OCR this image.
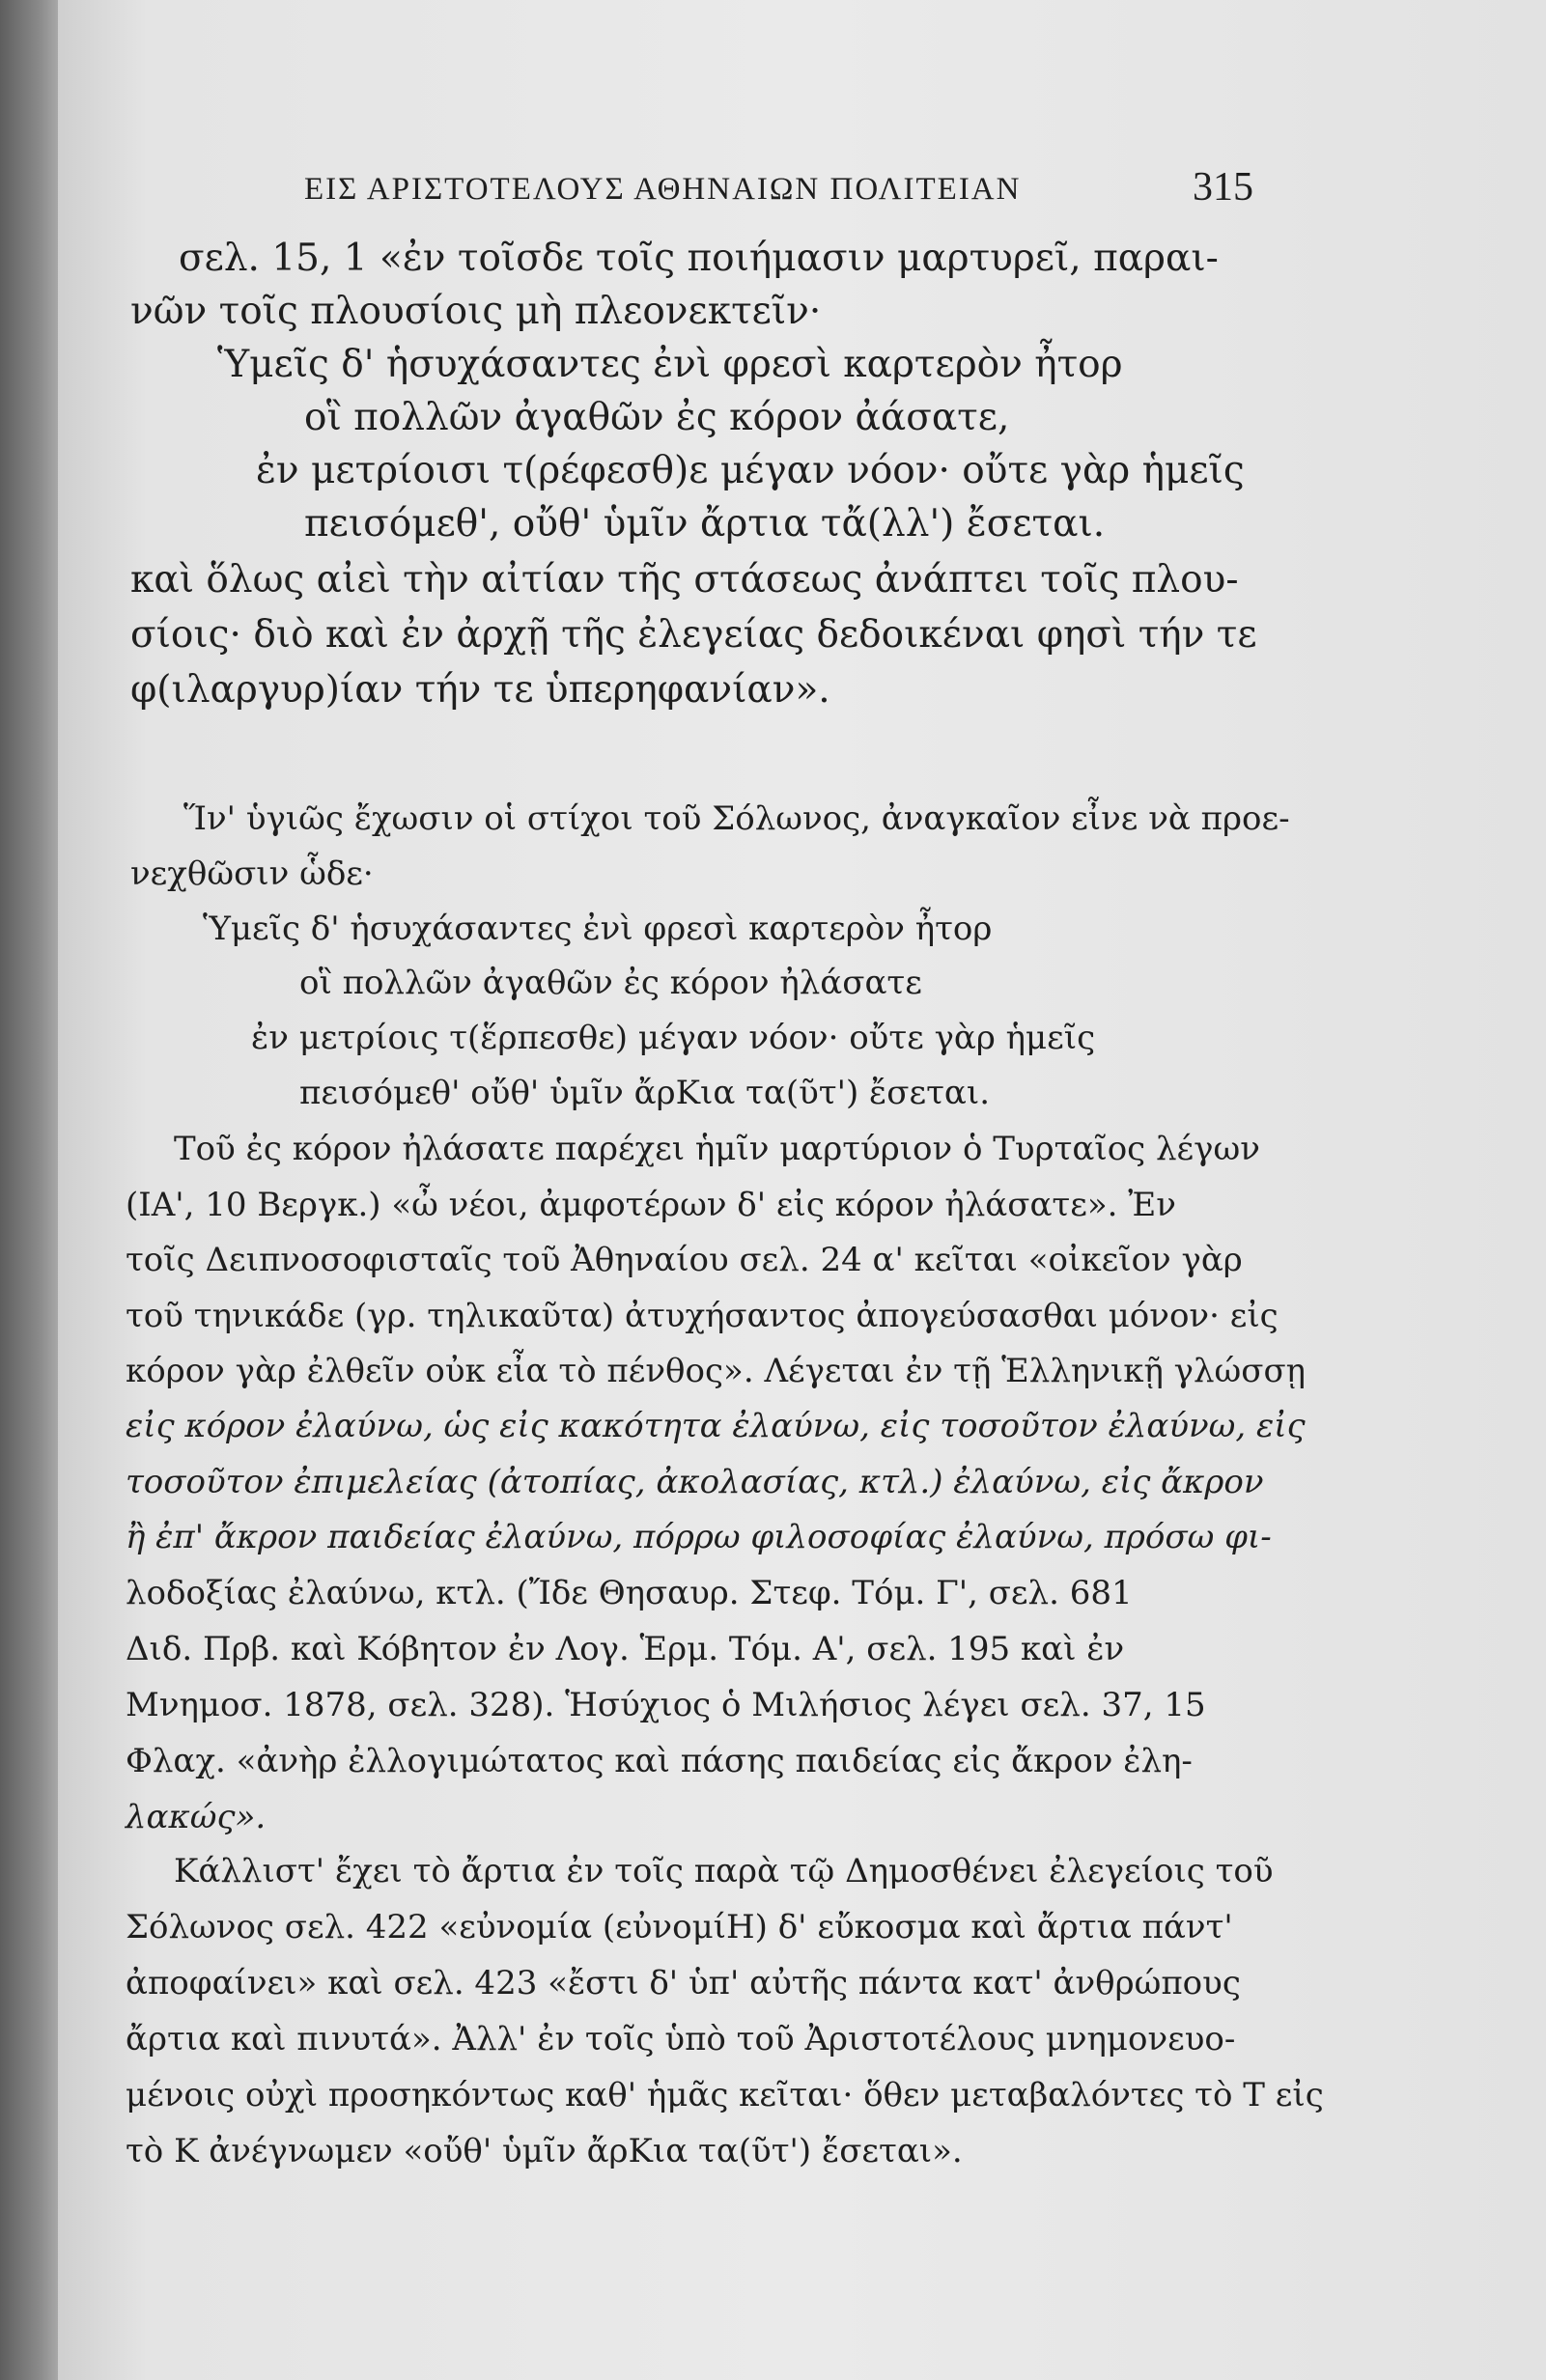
ΕΙΣ ΑΡΙΣΤΟΤΕΛΟΥΣ ΑΘΗΝΑΙΩΝ ΠΟΛΙΤΕΙΑΝ	315
σελ. 15, 1 «ἐν τοῖσδε τοῖς ποιήμασιν μαρτυρεῖ, παραι-
νῶν τοῖς πλουσίοις μὴ πλεονεκτεῖν·
Ὑμεῖς δ' ἡσυχάσαντες ἐνὶ φρεσὶ καρτερὸν ἦτορ
οἳ πολλῶν ἀγαθῶν ἐς κόρον ἀάσατε,
ἐν μετρίοισι τ(ρέφεσθ)ε μέγαν νόον· οὔτε γὰρ ἡμεῖς
πεισόμεθ', οὔθ' ὑμῖν ἄρτια τἄ(λλ') ἔσεται.
καὶ ὅλως αἰεὶ τὴν αἰτίαν τῆς στάσεως ἀνάπτει τοῖς πλου-
σίοις· διὸ καὶ ἐν ἀρχῇ τῆς ἐλεγείας δεδοικέναι φησὶ τήν τε
φ(ιλαργυρ)ίαν τήν τε ὑπερηφανίαν».
Ἵν' ὑγιῶς ἔχωσιν οἱ στίχοι τοῦ Σόλωνος, ἀναγκαῖον εἶνε νὰ προε-
νεχθῶσιν ὧδε·
Ὑμεῖς δ' ἡσυχάσαντες ἐνὶ φρεσὶ καρτερὸν ἦτορ
οἳ πολλῶν ἀγαθῶν ἐς κόρον ἠλάσατε
ἐν μετρίοις τ(ἕρπεσθε) μέγαν νόον· οὔτε γὰρ ἡμεῖς
πεισόμεθ' οὔθ' ὑμῖν ἄρΚια τα(ῦτ') ἔσεται.
Τοῦ ἐς κόρον ἠλάσατε παρέχει ἡμῖν μαρτύριον ὁ Τυρταῖος λέγων
(ΙΑ', 10 Βεργκ.) «ὦ νέοι, ἀμφοτέρων δ' εἰς κόρον ἠλάσατε». Ἐν
τοῖς Δειπνοσοφισταῖς τοῦ Ἀθηναίου σελ. 24 α' κεῖται «οἰκεῖον γὰρ
τοῦ τηνικάδε (γρ. τηλικαῦτα) ἀτυχήσαντος ἀπογεύσασθαι μόνον· εἰς
κόρον γὰρ ἐλθεῖν οὐκ εἶα τὸ πένθος». Λέγεται ἐν τῇ Ἑλληνικῇ γλώσσῃ
εἰς κόρον ἐλαύνω, ὡς εἰς κακότητα ἐλαύνω, εἰς τοσοῦτον ἐλαύνω, εἰς
τοσοῦτον ἐπιμελείας (ἀτοπίας, ἀκολασίας, κτλ.) ἐλαύνω, εἰς ἄκρον
ἢ ἐπ' ἄκρον παιδείας ἐλαύνω, πόρρω φιλοσοφίας ἐλαύνω, πρόσω φι-
λοδοξίας ἐλαύνω, κτλ. (Ἴδε Θησαυρ. Στεφ. Τόμ. Γ', σελ. 681
Διδ. Πρβ. καὶ Κόβητον ἐν Λογ. Ἑρμ. Τόμ. Α', σελ. 195 καὶ ἐν
Μνημοσ. 1878, σελ. 328). Ἡσύχιος ὁ Μιλήσιος λέγει σελ. 37, 15
Φλαχ. «ἀνὴρ ἐλλογιμώτατος καὶ πάσης παιδείας εἰς ἄκρον ἐλη-
λακώς».
Κάλλιστ' ἔχει τὸ ἄρτια ἐν τοῖς παρὰ τῷ Δημοσθένει ἐλεγείοις τοῦ
Σόλωνος σελ. 422 «εὐνομία (εὐνομίΗ) δ' εὔκοσμα καὶ ἄρτια πάντ'
ἀποφαίνει» καὶ σελ. 423 «ἔστι δ' ὑπ' αὐτῆς πάντα κατ' ἀνθρώπους
ἄρτια καὶ πινυτά». Ἀλλ' ἐν τοῖς ὑπὸ τοῦ Ἀριστοτέλους μνημονευο-
μένοις οὐχὶ προσηκόντως καθ' ἡμᾶς κεῖται· ὅθεν μεταβαλόντες τὸ Τ εἰς
τὸ Κ ἀνέγνωμεν «οὔθ' ὑμῖν ἄρΚια τα(ῦτ') ἔσεται».
